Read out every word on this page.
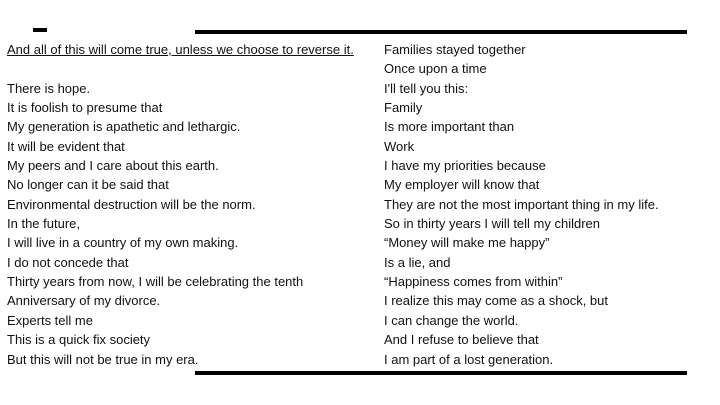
And all of this will come true, unless we choose to reverse it.
There is hope.
It is foolish to presume that
My generation is apathetic and lethargic.
It will be evident that
My peers and I care about this earth.
No longer can it be said that
Environmental destruction will be the norm.
In the future,
I will live in a country of my own making.
I do not concede that
Thirty years from now, I will be celebrating the tenth
Anniversary of my divorce.
Experts tell me
This is a quick fix society
But this will not be true in my era.
Families stayed together
Once upon a time
I'll tell you this:
Family
Is more important than
Work
I have my priorities because
My employer will know that
They are not the most important thing in my life.
So in thirty years I will tell my children
“Money will make me happy”
Is a lie, and
“Happiness comes from within”
I realize this may come as a shock, but
I can change the world.
And I refuse to believe that
I am part of a lost generation.
